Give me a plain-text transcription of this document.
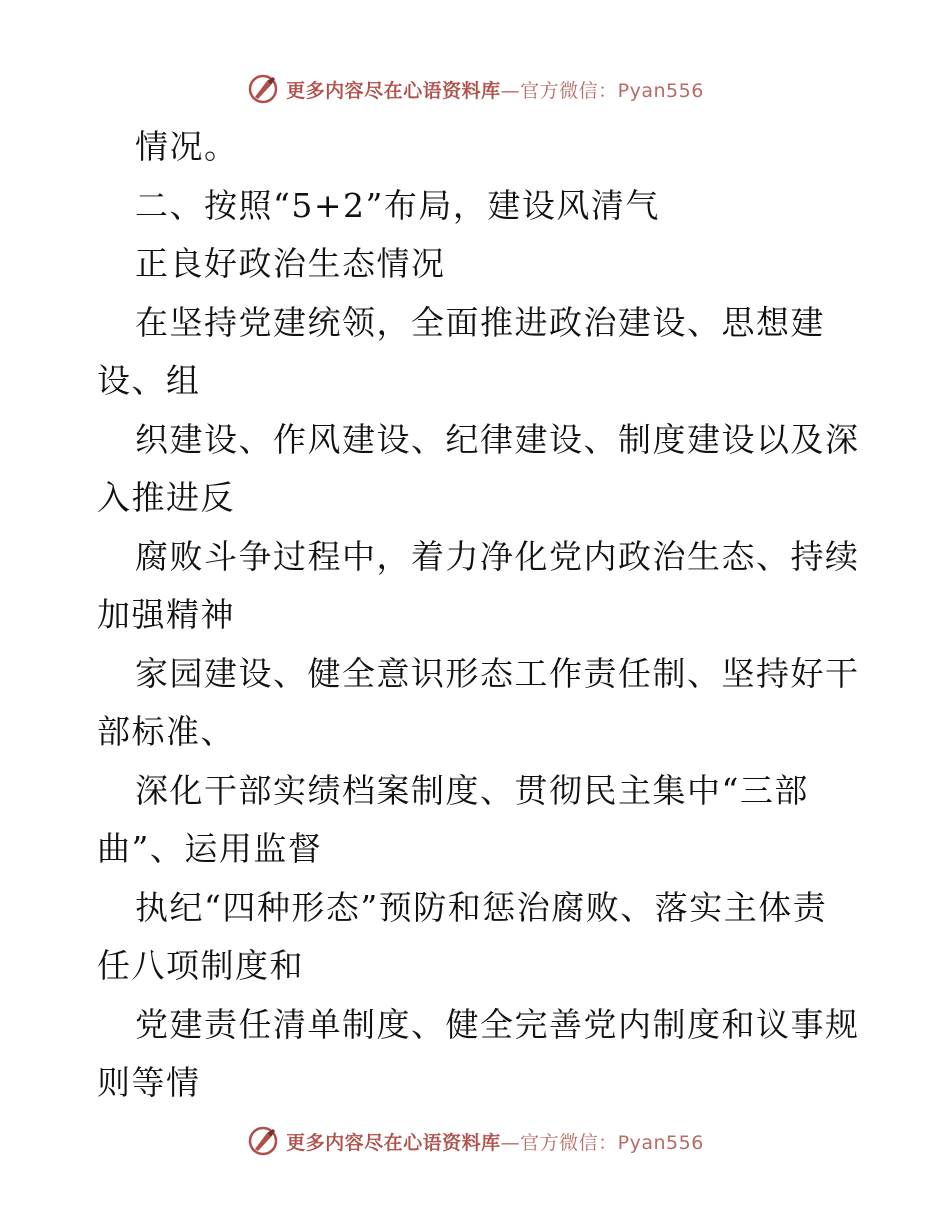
更多内容尽在心语资料库—官方微信：Pyan556
情况。
二、按照“5+2”布局，建设风清气
正良好政治生态情况
在坚持党建统领，全面推进政治建设、思想建
设、组
织建设、作风建设、纪律建设、制度建设以及深
入推进反
腐败斗争过程中，着力净化党内政治生态、持续
加强精神
家园建设、健全意识形态工作责任制、坚持好干
部标准、
深化干部实绩档案制度、贯彻民主集中“三部
曲”、运用监督
执纪“四种形态”预防和惩治腐败、落实主体责
任八项制度和
党建责任清单制度、健全完善党内制度和议事规
则等情
更多内容尽在心语资料库—官方微信：Pyan556
